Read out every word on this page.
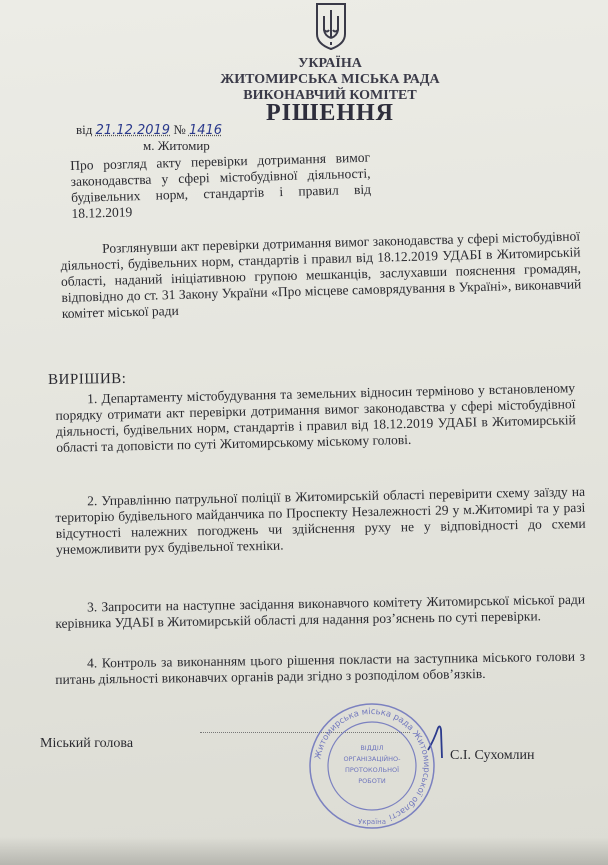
УКРАЇНА
ЖИТОМИРСЬКА МІСЬКА РАДА
ВИКОНАВЧИЙ КОМІТЕТ
РІШЕННЯ
від 21.12.2019 № 1416
м. Житомир
Про розгляд акту перевірки дотримання вимог законодавства у сфері містобудівної діяльності, будівельних норм, стандартів і правил від 18.12.2019
Розглянувши акт перевірки дотримання вимог законодавства у сфері містобудівної діяльності, будівельних норм, стандартів і правил від 18.12.2019 УДАБІ в Житомирській області, наданий ініціативною групою мешканців, заслухавши пояснення громадян, відповідно до ст. 31 Закону України «Про місцеве самоврядування в Україні», виконавчий комітет міської ради
ВИРІШИВ:
1. Департаменту містобудування та земельних відносин терміново у встановленому порядку отримати акт перевірки дотримання вимог законодавства у сфері містобудівної діяльності, будівельних норм, стандартів і правил від 18.12.2019 УДАБІ в Житомирській області та доповісти по суті Житомирському міському голові.
2. Управлінню патрульної поліції в Житомирській області перевірити схему заїзду на територію будівельного майданчика по Проспекту Незалежності 29 у м.Житомирі та у разі відсутності належних погоджень чи здійснення руху не у відповідності до схеми унеможливити рух будівельної техніки.
3. Запросити на наступне засідання виконавчого комітету Житомирської міської ради керівника УДАБІ в Житомирській області для надання роз’яснень по суті перевірки.
4. Контроль за виконанням цього рішення покласти на заступника міського голови з питань діяльності виконавчих органів ради згідно з розподілом обов’язків.
Міський голова
С.І. Сухомлин
Житомирська міська рада Житомирської області
ВІДДІЛ
ОРГАНІЗАЦІЙНО-
ПРОТОКОЛЬНОЇ
РОБОТИ
Україна
